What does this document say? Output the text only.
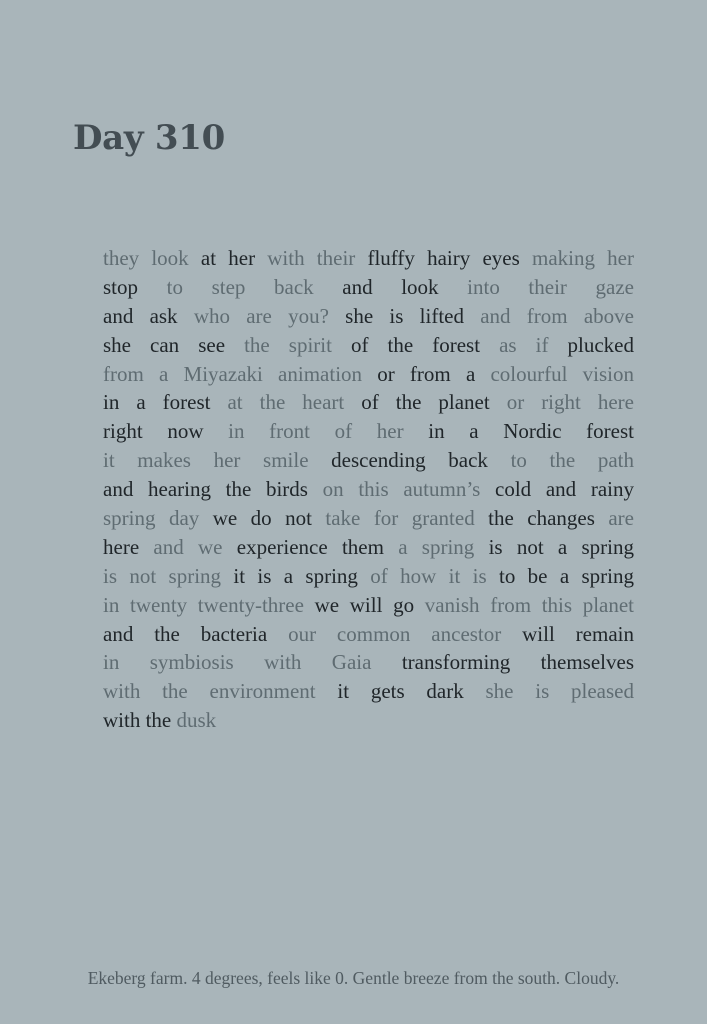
Day 310
they look at her with their fluffy hairy eyes making her
stop to step back and look into their gaze
and ask who are you? she is lifted and from above
she can see the spirit of the forest as if plucked
from a Miyazaki animation or from a colourful vision
in a forest at the heart of the planet or right here
right now in front of her in a Nordic forest
it makes her smile descending back to the path
and hearing the birds on this autumn’s cold and rainy
spring day we do not take for granted the changes are
here and we experience them a spring is not a spring
is not spring it is a spring of how it is to be a spring
in twenty twenty-three we will go vanish from this planet
and the bacteria our common ancestor will remain
in symbiosis with Gaia transforming themselves
with the environment it gets dark she is pleased
with the dusk

Ekeberg farm. 4 degrees, feels like 0. Gentle breeze from the south. Cloudy.
